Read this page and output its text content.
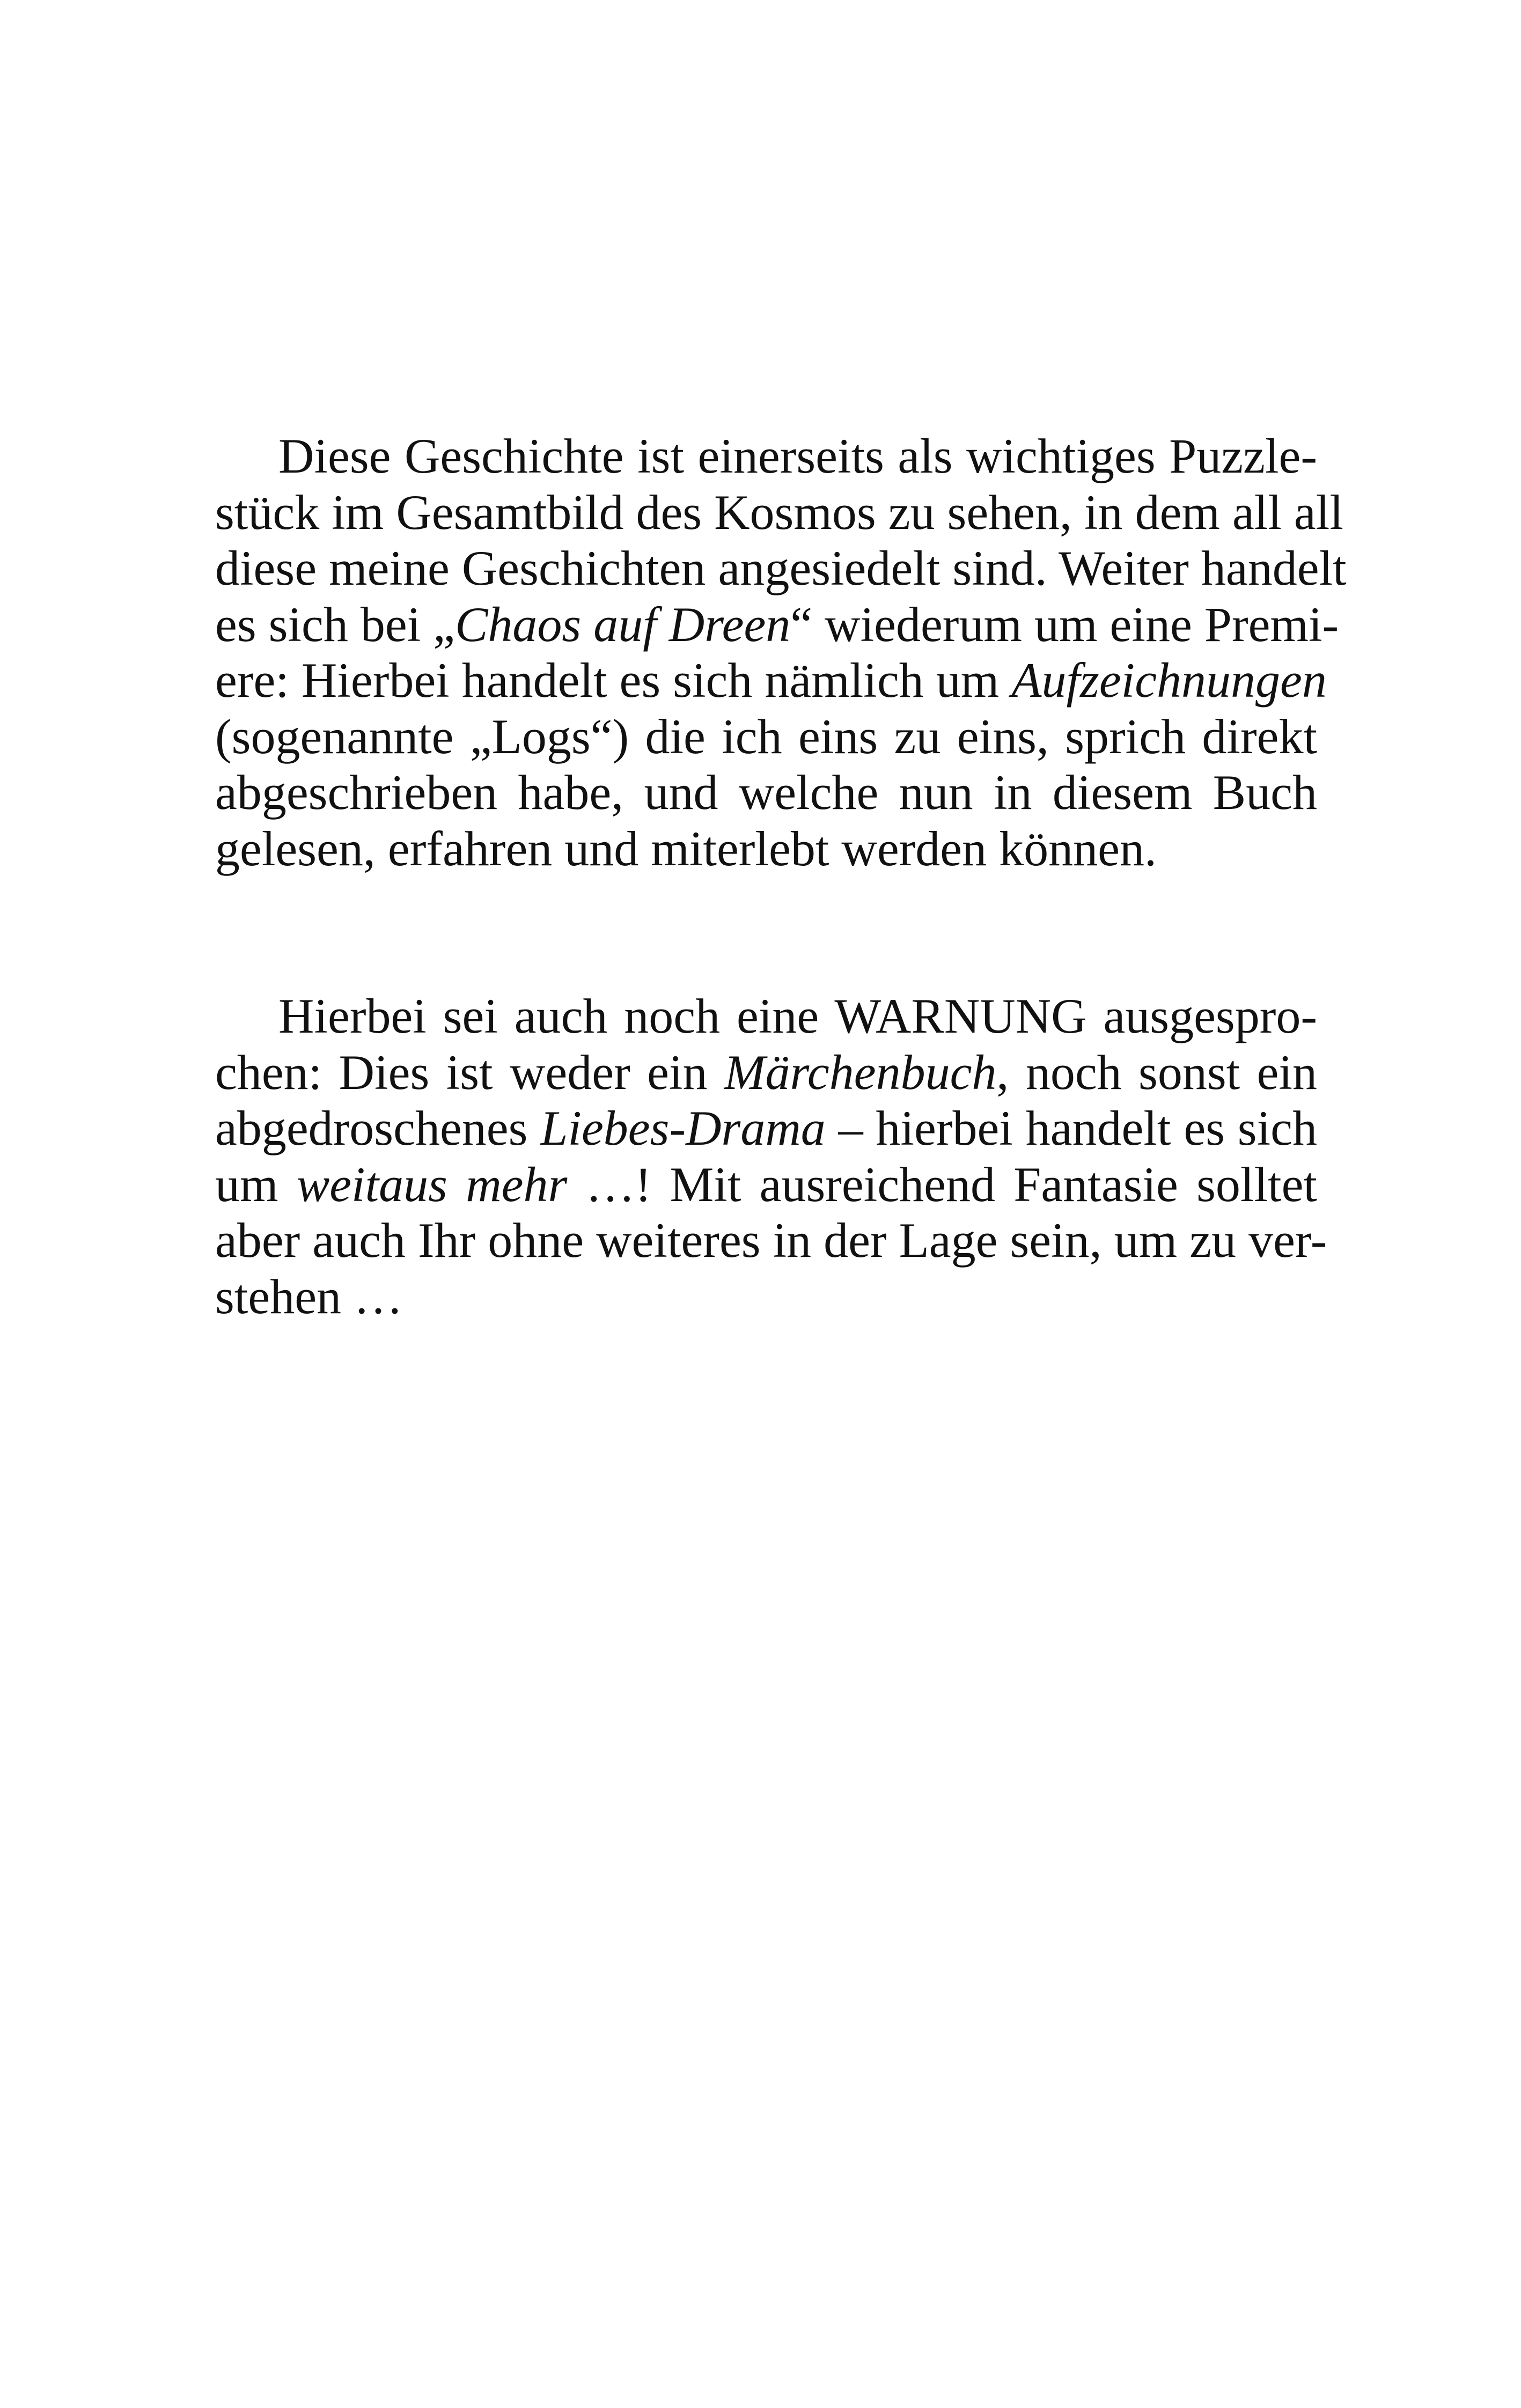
Diese Geschichte ist einerseits als wichtiges Puzzle-
stück im Gesamtbild des Kosmos zu sehen, in dem all all
diese meine Geschichten angesiedelt sind. Weiter handelt
es sich bei „Chaos auf Dreen“ wiederum um eine Premi-
ere: Hierbei handelt es sich nämlich um Aufzeichnungen
(sogenannte „Logs“) die ich eins zu eins, sprich direkt
abgeschrieben habe, und welche nun in diesem Buch
gelesen, erfahren und miterlebt werden können.
Hierbei sei auch noch eine WARNUNG ausgespro-
chen: Dies ist weder ein Märchenbuch, noch sonst ein
abgedroschenes Liebes-Drama – hierbei handelt es sich
um weitaus mehr …! Mit ausreichend Fantasie solltet
aber auch Ihr ohne weiteres in der Lage sein, um zu ver-
stehen …
